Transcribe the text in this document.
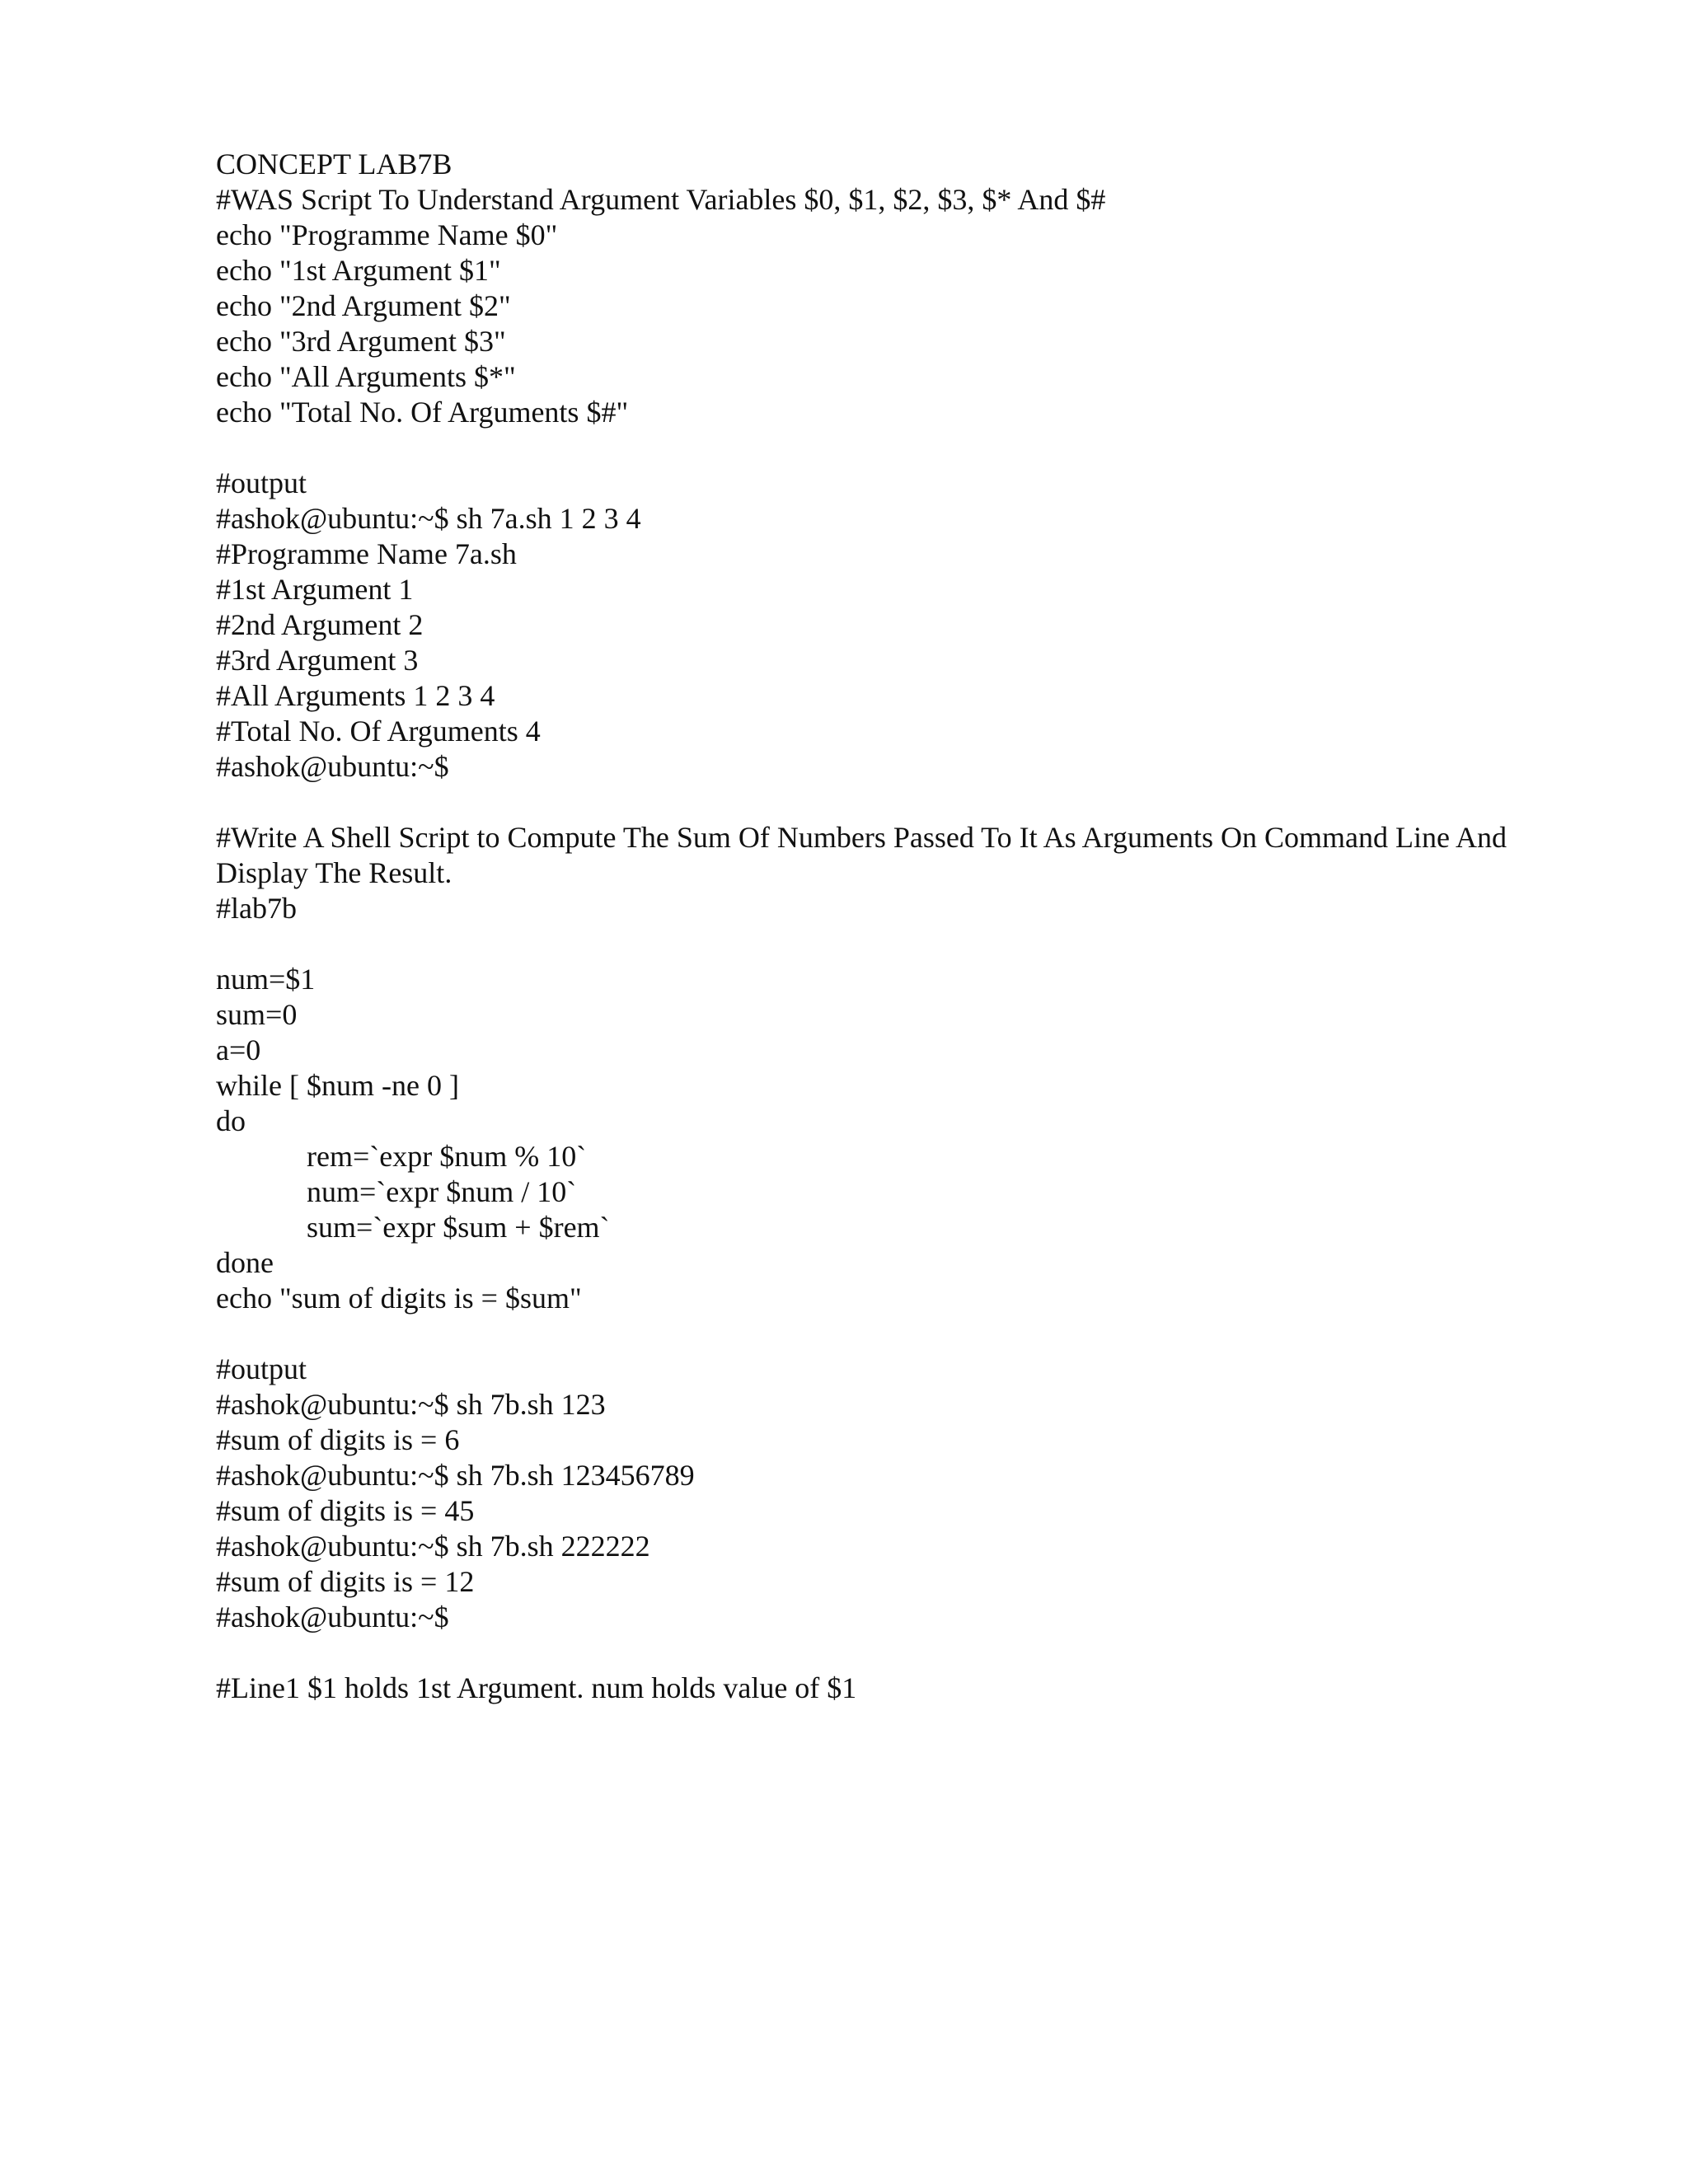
CONCEPT LAB7B
#WAS Script To Understand Argument Variables $0, $1, $2, $3, $* And $#
echo "Programme Name $0"
echo "1st Argument $1"
echo "2nd Argument $2"
echo "3rd Argument $3"
echo "All Arguments $*"
echo "Total No. Of Arguments $#"
#output
#ashok@ubuntu:~$ sh 7a.sh 1 2 3 4
#Programme Name 7a.sh
#1st Argument 1
#2nd Argument 2
#3rd Argument 3
#All Arguments 1 2 3 4
#Total No. Of Arguments 4
#ashok@ubuntu:~$
#Write A Shell Script to Compute The Sum Of Numbers Passed To It As Arguments On Command Line And Display The Result.
#lab7b
num=$1
sum=0
a=0
while [ $num -ne 0 ]
do
rem=`expr $num % 10`
num=`expr $num / 10`
sum=`expr $sum + $rem`
done
echo "sum of digits is = $sum"
#output
#ashok@ubuntu:~$ sh 7b.sh 123
#sum of digits is = 6
#ashok@ubuntu:~$ sh 7b.sh 123456789
#sum of digits is = 45
#ashok@ubuntu:~$ sh 7b.sh 222222
#sum of digits is = 12
#ashok@ubuntu:~$
#Line1 $1 holds 1st Argument. num holds value of $1
